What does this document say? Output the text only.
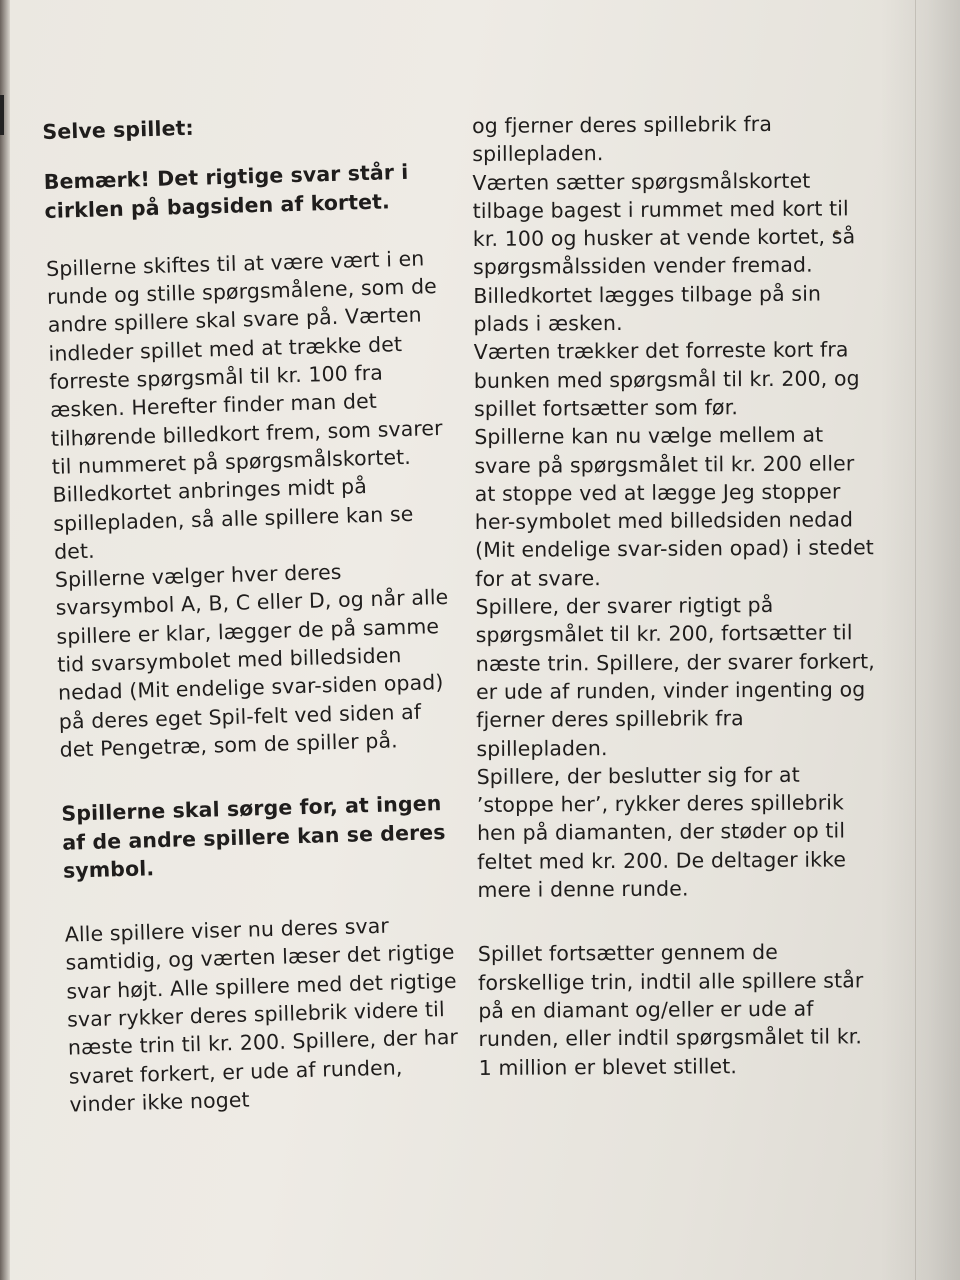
Selve spillet:

Bemærk! Det rigtige svar står i cirklen på bagsiden af kortet.

Spillerne skiftes til at være vært i en runde og stille spørgsmålene, som de andre spillere skal svare på. Værten indleder spillet med at trække det forreste spørgsmål til kr. 100 fra æsken. Herefter finder man det tilhørende billedkort frem, som svarer til nummeret på spørgsmålskortet. Billedkortet anbringes midt på spillepladen, så alle spillere kan se det.

Spillerne vælger hver deres svarsymbol A, B, C eller D, og når alle spillere er klar, lægger de på samme tid svarsymbolet med billedsiden nedad (Mit endelige svar-siden opad) på deres eget Spil-felt ved siden af det Pengetræ, som de spiller på.

Spillerne skal sørge for, at ingen af de andre spillere kan se deres symbol.

Alle spillere viser nu deres svar samtidig, og værten læser det rigtige svar højt. Alle spillere med det rigtige svar rykker deres spillebrik videre til næste trin til kr. 200. Spillere, der har svaret forkert, er ude af runden, vinder ikke noget

og fjerner deres spillebrik fra spillepladen.

Værten sætter spørgsmålskortet tilbage bagest i rummet med kort til kr. 100 og husker at vende kortet, så spørgsmålssiden vender fremad. Billedkortet lægges tilbage på sin plads i æsken.

Værten trækker det forreste kort fra bunken med spørgsmål til kr. 200, og spillet fortsætter som før.

Spillerne kan nu vælge mellem at svare på spørgsmålet til kr. 200 eller at stoppe ved at lægge Jeg stopper her-symbolet med billedsiden nedad (Mit endelige svar-siden opad) i stedet for at svare.

Spillere, der svarer rigtigt på spørgsmålet til kr. 200, fortsætter til næste trin. Spillere, der svarer forkert, er ude af runden, vinder ingenting og fjerner deres spillebrik fra spillepladen.

Spillere, der beslutter sig for at ’stoppe her’, rykker deres spillebrik hen på diamanten, der støder op til feltet med kr. 200. De deltager ikke mere i denne runde.

Spillet fortsætter gennem de forskellige trin, indtil alle spillere står på en diamant og/eller er ude af runden, eller indtil spørgsmålet til kr. 1 million er blevet stillet.
